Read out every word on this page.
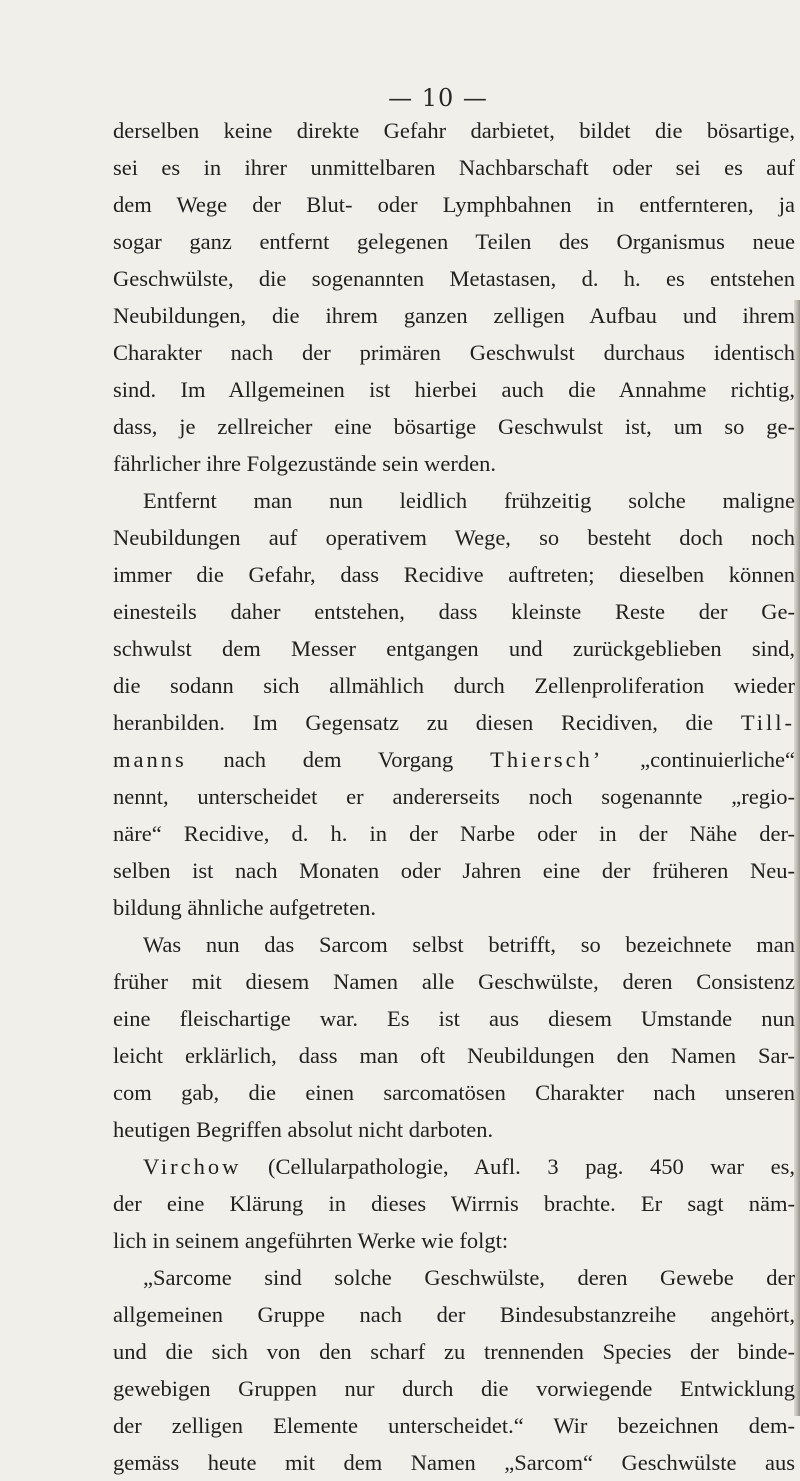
— 10 —
derselben keine direkte Gefahr darbietet, bildet die bösartige,
sei es in ihrer unmittelbaren Nachbarschaft oder sei es auf
dem Wege der Blut- oder Lymphbahnen in entfernteren, ja
sogar ganz entfernt gelegenen Teilen des Organismus neue
Geschwülste, die sogenannten Metastasen, d. h. es entstehen
Neubildungen, die ihrem ganzen zelligen Aufbau und ihrem
Charakter nach der primären Geschwulst durchaus identisch
sind. Im Allgemeinen ist hierbei auch die Annahme richtig,
dass, je zellreicher eine bösartige Geschwulst ist, um so ge-
fährlicher ihre Folgezustände sein werden.
Entfernt man nun leidlich frühzeitig solche maligne
Neubildungen auf operativem Wege, so besteht doch noch
immer die Gefahr, dass Recidive auftreten; dieselben können
einesteils daher entstehen, dass kleinste Reste der Ge-
schwulst dem Messer entgangen und zurückgeblieben sind,
die sodann sich allmählich durch Zellenproliferation wieder
heranbilden. Im Gegensatz zu diesen Recidiven, die Till-
manns nach dem Vorgang Thiersch’ „continuierliche“
nennt, unterscheidet er andererseits noch sogenannte „regio-
näre“ Recidive, d. h. in der Narbe oder in der Nähe der-
selben ist nach Monaten oder Jahren eine der früheren Neu-
bildung ähnliche aufgetreten.
Was nun das Sarcom selbst betrifft, so bezeichnete man
früher mit diesem Namen alle Geschwülste, deren Consistenz
eine fleischartige war. Es ist aus diesem Umstande nun
leicht erklärlich, dass man oft Neubildungen den Namen Sar-
com gab, die einen sarcomatösen Charakter nach unseren
heutigen Begriffen absolut nicht darboten.
Virchow (Cellularpathologie, Aufl. 3 pag. 450 war es,
der eine Klärung in dieses Wirrnis brachte. Er sagt näm-
lich in seinem angeführten Werke wie folgt:
„Sarcome sind solche Geschwülste, deren Gewebe der
allgemeinen Gruppe nach der Bindesubstanzreihe angehört,
und die sich von den scharf zu trennenden Species der binde-
gewebigen Gruppen nur durch die vorwiegende Entwicklung
der zelligen Elemente unterscheidet.“ Wir bezeichnen dem-
gemäss heute mit dem Namen „Sarcom“ Geschwülste aus
